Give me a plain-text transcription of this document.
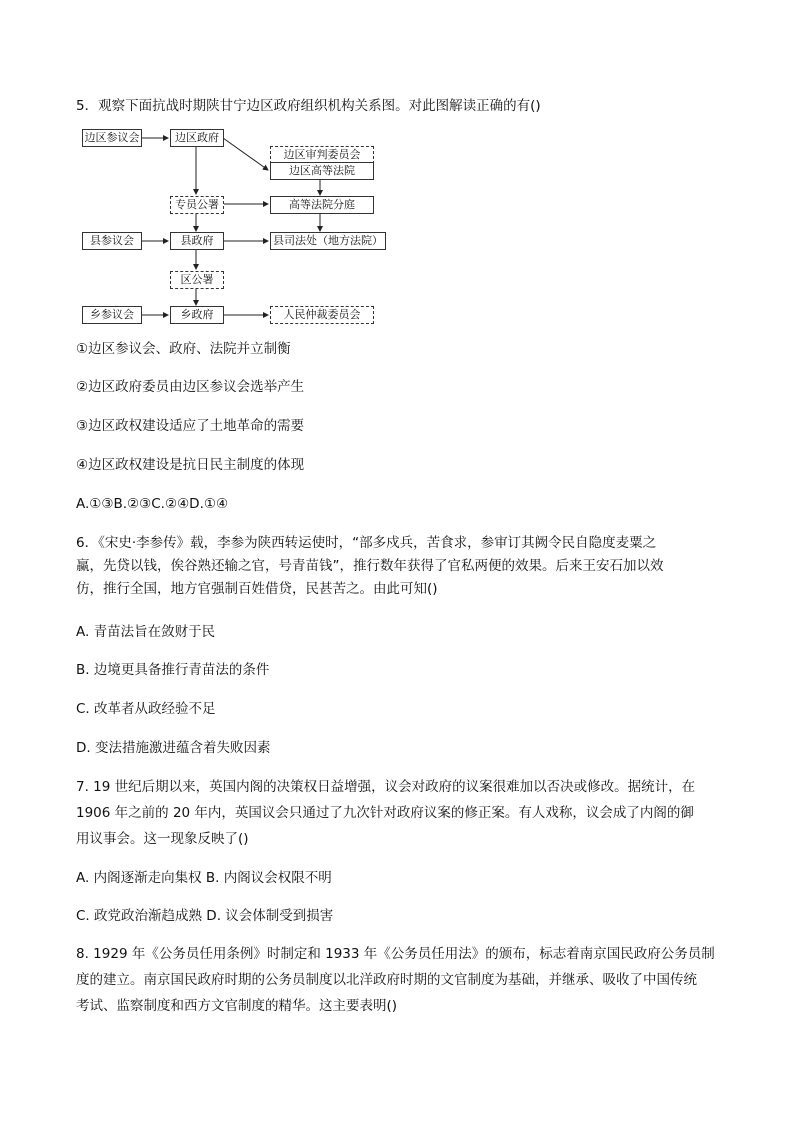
5．观察下面抗战时期陕甘宁边区政府组织机构关系图。对此图解读正确的有()
边区参议会	边区政府
边区审判委员会
边区高等法院
专员公署	高等法院分庭
县参议会	县政府	县司法处（地方法院）
区公署
乡参议会	乡政府	人民仲裁委员会
①边区参议会、政府、法院并立制衡
②边区政府委员由边区参议会选举产生
③边区政权建设适应了土地革命的需要
④边区政权建设是抗日民主制度的体现
A.①③B.②③C.②④D.①④
6．《宋史·李参传》载，李参为陕西转运使时，“部多戍兵，苦食求，参审订其阙令民自隐度麦粟之
赢，先贷以钱，俟谷熟还输之官，号青苗钱”，推行数年获得了官私两便的效果。后来王安石加以效
仿，推行全国，地方官强制百姓借贷，民甚苦之。由此可知()
A. 青苗法旨在敛财于民
B. 边境更具备推行青苗法的条件
C. 改革者从政经验不足
D. 变法措施激进蕴含着失败因素
7. 19 世纪后期以来，英国内阁的决策权日益增强，议会对政府的议案很难加以否决或修改。据统计，在
1906 年之前的 20 年内，英国议会只通过了九次针对政府议案的修正案。有人戏称，议会成了内阁的御
用议事会。这一现象反映了()
A. 内阁逐渐走向集权 B. 内阁议会权限不明
C. 政党政治渐趋成熟 D. 议会体制受到损害
8. 1929 年《公务员任用条例》时制定和 1933 年《公务员任用法》的颁布，标志着南京国民政府公务员制
度的建立。南京国民政府时期的公务员制度以北洋政府时期的文官制度为基础，并继承、吸收了中国传统
考试、监察制度和西方文官制度的精华。这主要表明()
